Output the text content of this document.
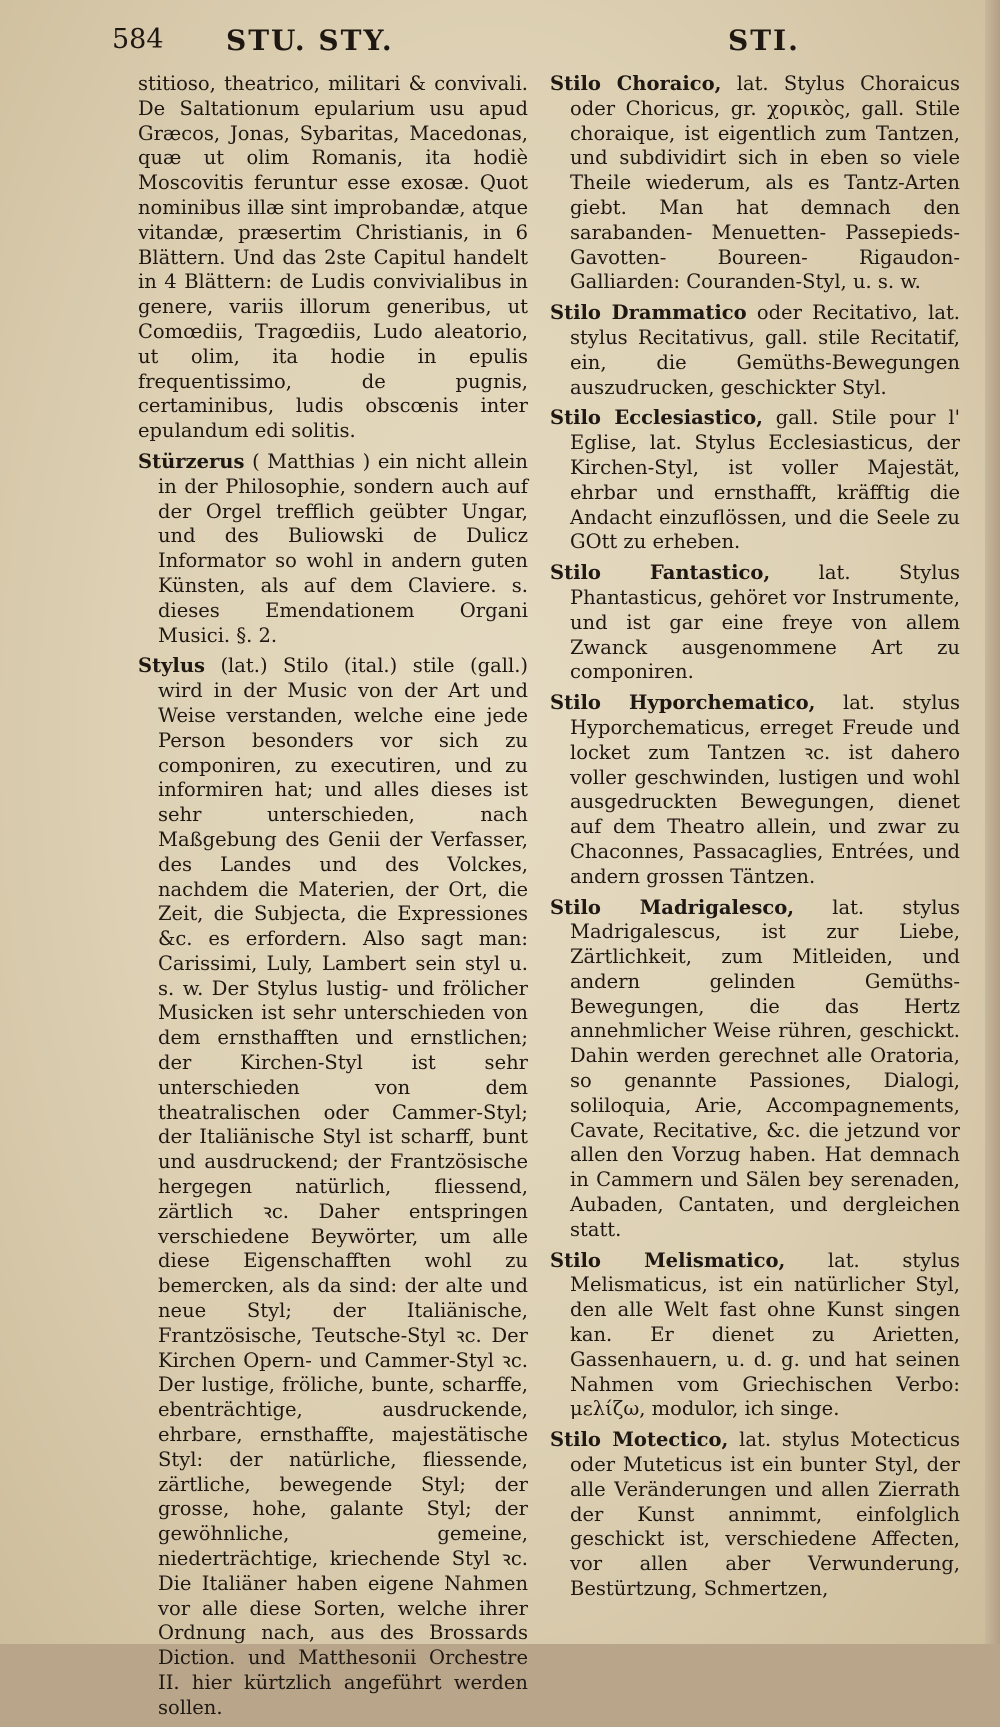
584 STU. STY.	STI.

stitioso, theatrico, militari & convivali. De Saltationum epularium usu apud Græcos, Jonas, Sybaritas, Macedonas, quæ ut olim Romanis, ita hodiè Moscovitis feruntur esse exosæ. Quot nominibus illæ sint improbandæ, atque vitandæ, præsertim Christianis, in 6 Blättern. Und das 2ste Capitul handelt in 4 Blättern: de Ludis convivialibus in genere, variis illorum generibus, ut Comœdiis, Tragœdiis, Ludo aleatorio, ut olim, ita hodie in epulis frequentissimo, de pugnis, certaminibus, ludis obscœnis inter epulandum edi solitis.

Stürzerus ( Matthias ) ein nicht allein in der Philosophie, sondern auch auf der Orgel trefflich geübter Ungar, und des Buliowski de Dulicz Informator so wohl in andern guten Künsten, als auf dem Claviere. s. dieses Emendationem Organi Musici. §. 2.

Stylus (lat.) Stilo (ital.) stile (gall.) wird in der Music von der Art und Weise verstanden, welche eine jede Person besonders vor sich zu componiren, zu executiren, und zu informiren hat; und alles dieses ist sehr unterschieden, nach Maßgebung des Genii der Verfasser, des Landes und des Volckes, nachdem die Materien, der Ort, die Zeit, die Subjecta, die Expressiones &c. es erfordern. Also sagt man: Carissimi, Luly, Lambert sein styl u. s. w. Der Stylus lustig- und frölicher Musicken ist sehr unterschieden von dem ernsthafften und ernstlichen; der Kirchen-Styl ist sehr unterschieden von dem theatralischen oder Cammer-Styl; der Italiänische Styl ist scharff, bunt und ausdruckend; der Frantzösische hergegen natürlich, fliessend, zärtlich ꝛc. Daher entspringen verschiedene Beywörter, um alle diese Eigenschafften wohl zu bemercken, als da sind: der alte und neue Styl; der Italiänische, Frantzösische, Teutsche-Styl ꝛc. Der Kirchen Opern- und Cammer-Styl ꝛc. Der lustige, fröliche, bunte, scharffe, ebenträchtige, ausdruckende, ehrbare, ernsthaffte, majestätische Styl: der natürliche, fliessende, zärtliche, bewegende Styl; der grosse, hohe, galante Styl; der gewöhnliche, gemeine, niederträchtige, kriechende Styl ꝛc. Die Italiäner haben eigene Nahmen vor alle diese Sorten, welche ihrer Ordnung nach, aus des Brossards Diction. und Matthesonii Orchestre II. hier kürtzlich angeführt werden sollen.

Stilo Choraico, lat. Stylus Choraicus oder Choricus, gr. χορικὸς, gall. Stile choraique, ist eigentlich zum Tantzen, und subdividirt sich in eben so viele Theile wiederum, als es Tantz-Arten giebt. Man hat demnach den sarabanden- Menuetten- Passepieds- Gavotten- Boureen- Rigaudon- Galliarden: Couranden-Styl, u. s. w.

Stilo Drammatico oder Recitativo, lat. stylus Recitativus, gall. stile Recitatif, ein, die Gemüths-Bewegungen auszudrucken, geschickter Styl.

Stilo Ecclesiastico, gall. Stile pour l' Eglise, lat. Stylus Ecclesiasticus, der Kirchen-Styl, ist voller Majestät, ehrbar und ernsthafft, kräfftig die Andacht einzuflössen, und die Seele zu GOtt zu erheben.

Stilo Fantastico, lat. Stylus Phantasticus, gehöret vor Instrumente, und ist gar eine freye von allem Zwanck ausgenommene Art zu componiren.

Stilo Hyporchematico, lat. stylus Hyporchematicus, erreget Freude und locket zum Tantzen ꝛc. ist dahero voller geschwinden, lustigen und wohl ausgedruckten Bewegungen, dienet auf dem Theatro allein, und zwar zu Chaconnes, Passacaglies, Entrées, und andern grossen Täntzen.

Stilo Madrigalesco, lat. stylus Madrigalescus, ist zur Liebe, Zärtlichkeit, zum Mitleiden, und andern gelinden Gemüths-Bewegungen, die das Hertz annehmlicher Weise rühren, geschickt. Dahin werden gerechnet alle Oratoria, so genannte Passiones, Dialogi, soliloquia, Arie, Accompagnements, Cavate, Recitative, &c. die jetzund vor allen den Vorzug haben. Hat demnach in Cammern und Sälen bey serenaden, Aubaden, Cantaten, und dergleichen statt.

Stilo Melismatico, lat. stylus Melismaticus, ist ein natürlicher Styl, den alle Welt fast ohne Kunst singen kan. Er dienet zu Arietten, Gassenhauern, u. d. g. und hat seinen Nahmen vom Griechischen Verbo: μελίζω, modulor, ich singe.

Stilo Motectico, lat. stylus Motecticus oder Muteticus ist ein bunter Styl, der alle Veränderungen und allen Zierrath der Kunst annimmt, einfolglich geschickt ist, verschiedene Affecten, vor allen aber Verwunderung, Bestürtzung, Schmertzen,
